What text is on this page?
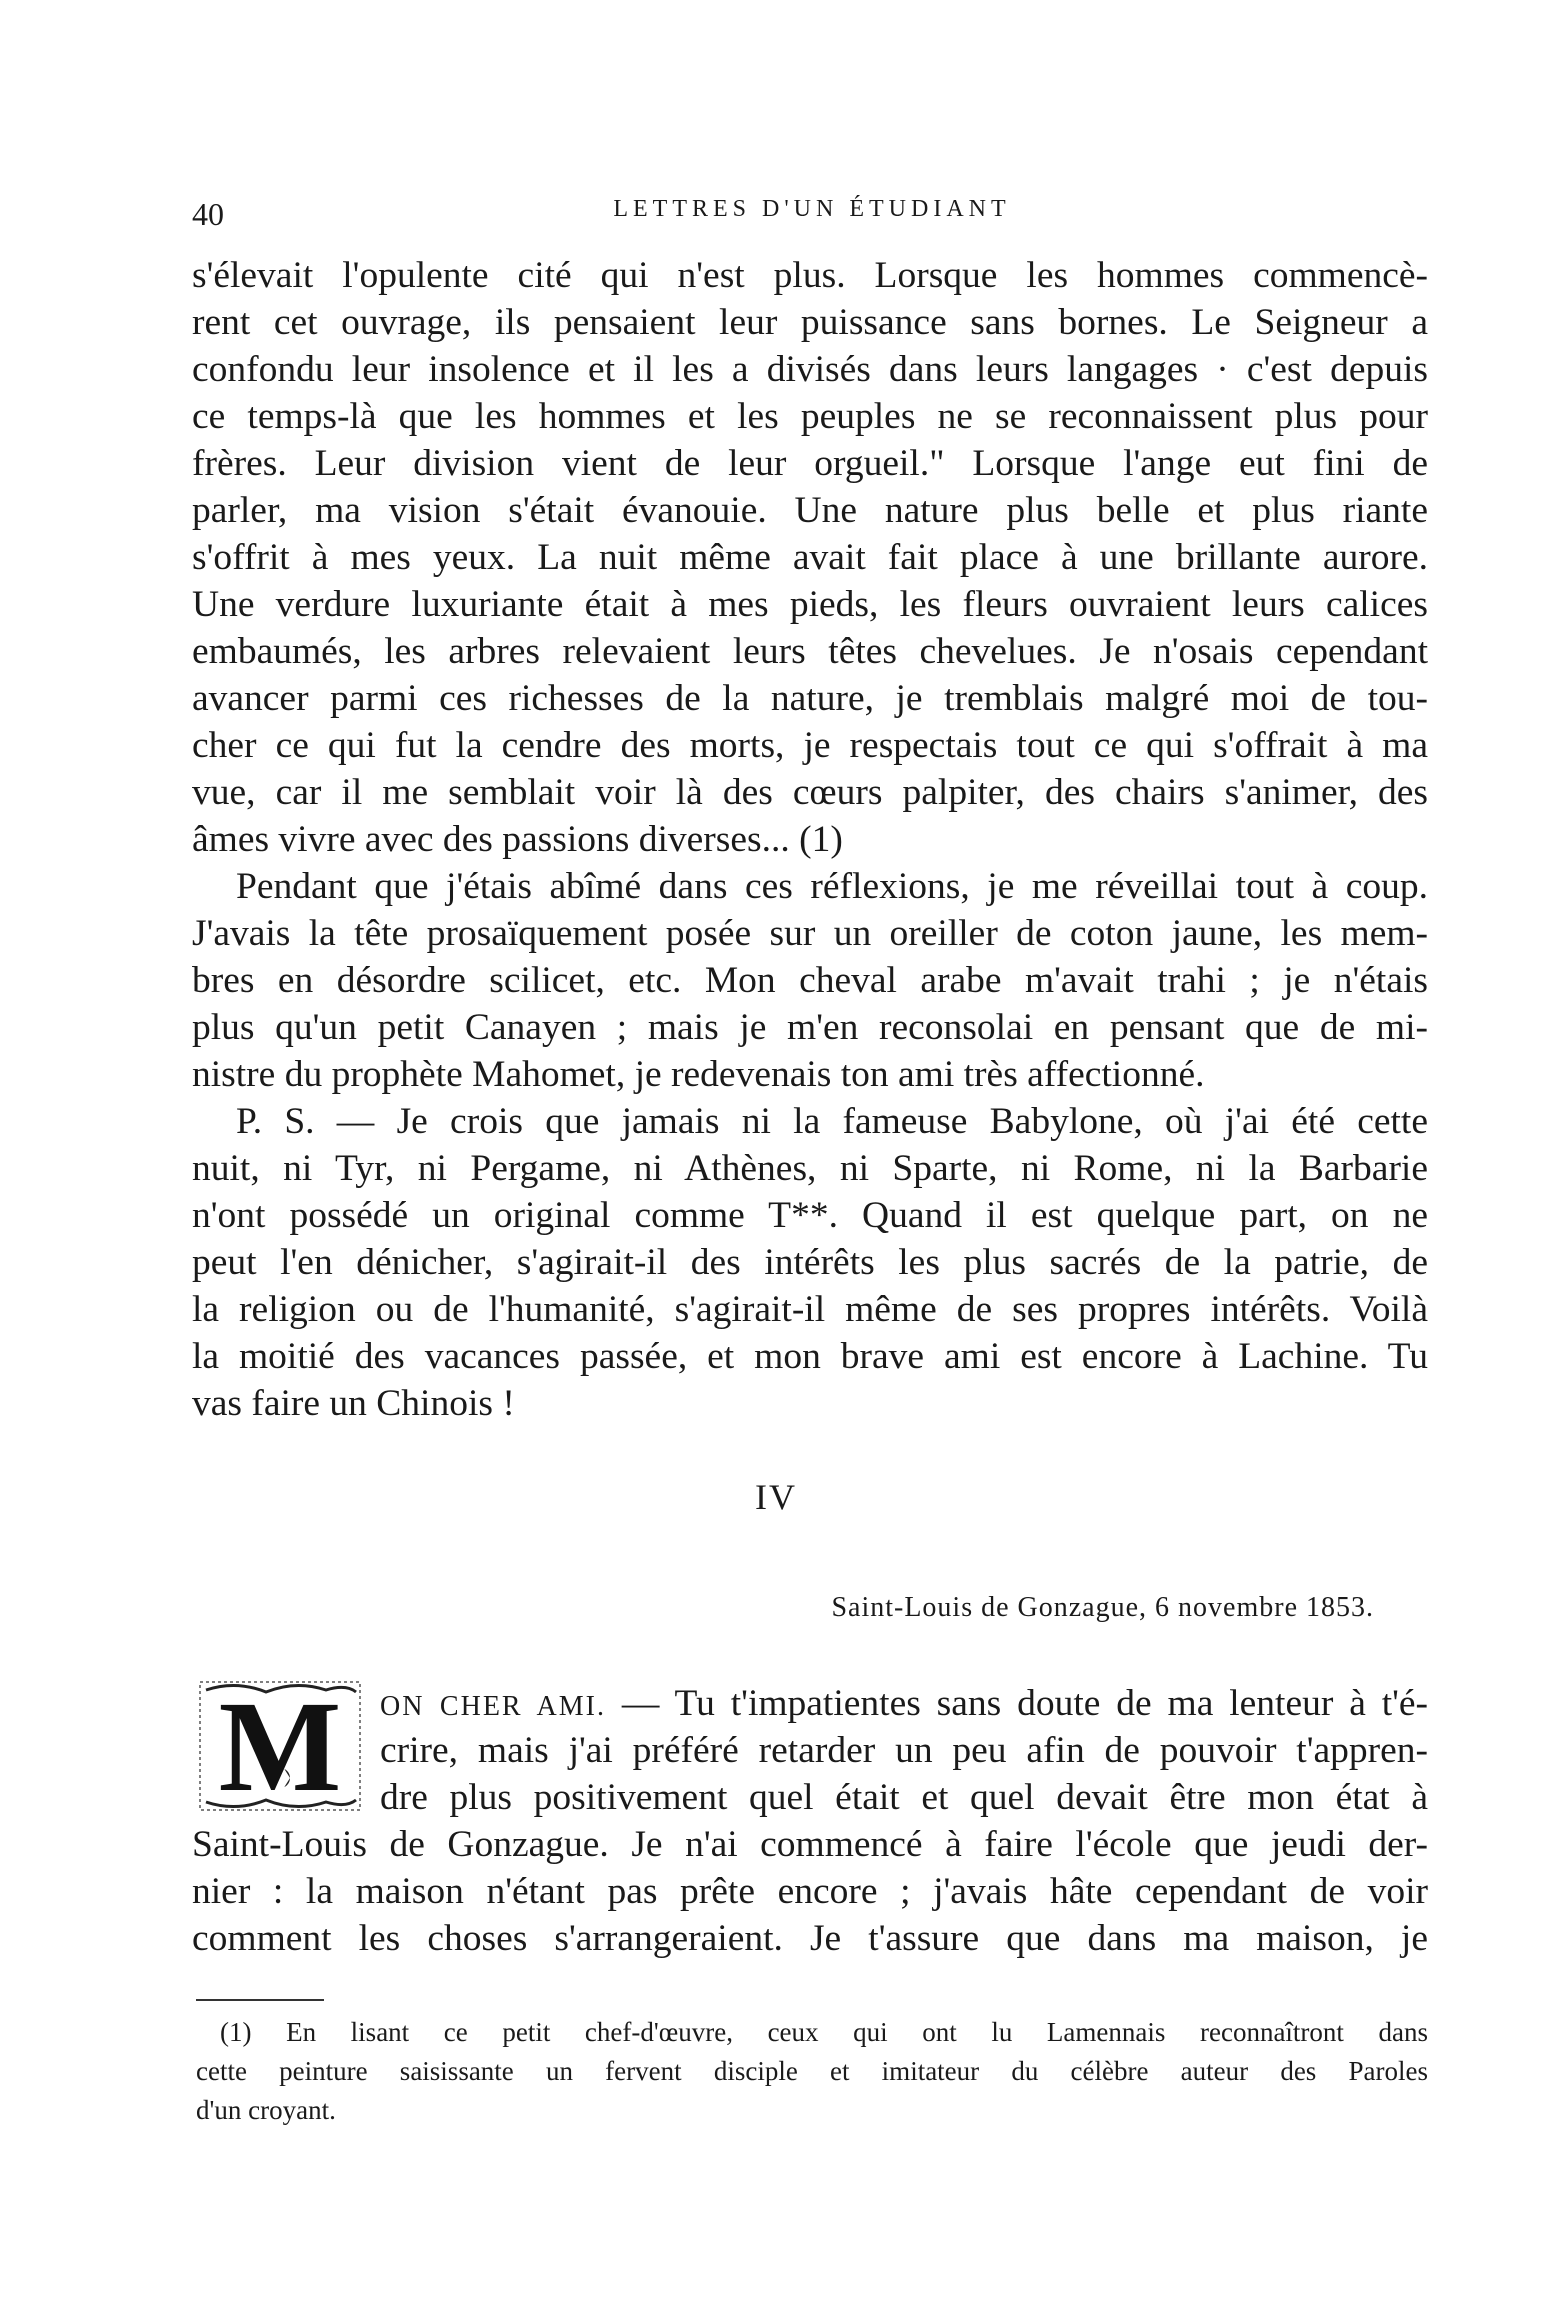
40	LETTRES D'UN ÉTUDIANT
s'élevait l'opulente cité qui n'est plus. Lorsque les hommes commencè-
rent cet ouvrage, ils pensaient leur puissance sans bornes. Le Seigneur a
confondu leur insolence et il les a divisés dans leurs langages · c'est depuis
ce temps-là que les hommes et les peuples ne se reconnaissent plus pour
frères. Leur division vient de leur orgueil." Lorsque l'ange eut fini de
parler, ma vision s'était évanouie. Une nature plus belle et plus riante
s'offrit à mes yeux. La nuit même avait fait place à une brillante aurore.
Une verdure luxuriante était à mes pieds, les fleurs ouvraient leurs calices
embaumés, les arbres relevaient leurs têtes chevelues. Je n'osais cependant
avancer parmi ces richesses de la nature, je tremblais malgré moi de tou-
cher ce qui fut la cendre des morts, je respectais tout ce qui s'offrait à ma
vue, car il me semblait voir là des cœurs palpiter, des chairs s'animer, des
âmes vivre avec des passions diverses... (1)
Pendant que j'étais abîmé dans ces réflexions, je me réveillai tout à coup.
J'avais la tête prosaïquement posée sur un oreiller de coton jaune, les mem-
bres en désordre scilicet, etc. Mon cheval arabe m'avait trahi ; je n'étais
plus qu'un petit Canayen ; mais je m'en reconsolai en pensant que de mi-
nistre du prophète Mahomet, je redevenais ton ami très affectionné.
P. S. — Je crois que jamais ni la fameuse Babylone, où j'ai été cette
nuit, ni Tyr, ni Pergame, ni Athènes, ni Sparte, ni Rome, ni la Barbarie
n'ont possédé un original comme T**. Quand il est quelque part, on ne
peut l'en dénicher, s'agirait-il des intérêts les plus sacrés de la patrie, de
la religion ou de l'humanité, s'agirait-il même de ses propres intérêts. Voilà
la moitié des vacances passée, et mon brave ami est encore à Lachine. Tu
vas faire un Chinois !
IV
Saint-Louis de Gonzague, 6 novembre 1853.
M ON CHER AMI. — Tu t'impatientes sans doute de ma lenteur à t'é-
crire, mais j'ai préféré retarder un peu afin de pouvoir t'appren-
dre plus positivement quel était et quel devait être mon état à
Saint-Louis de Gonzague. Je n'ai commencé à faire l'école que jeudi der-
nier : la maison n'étant pas prête encore ; j'avais hâte cependant de voir
comment les choses s'arrangeraient. Je t'assure que dans ma maison, je
(1) En lisant ce petit chef-d'œuvre, ceux qui ont lu Lamennais reconnaîtront dans
cette peinture saisissante un fervent disciple et imitateur du célèbre auteur des Paroles
d'un croyant.
